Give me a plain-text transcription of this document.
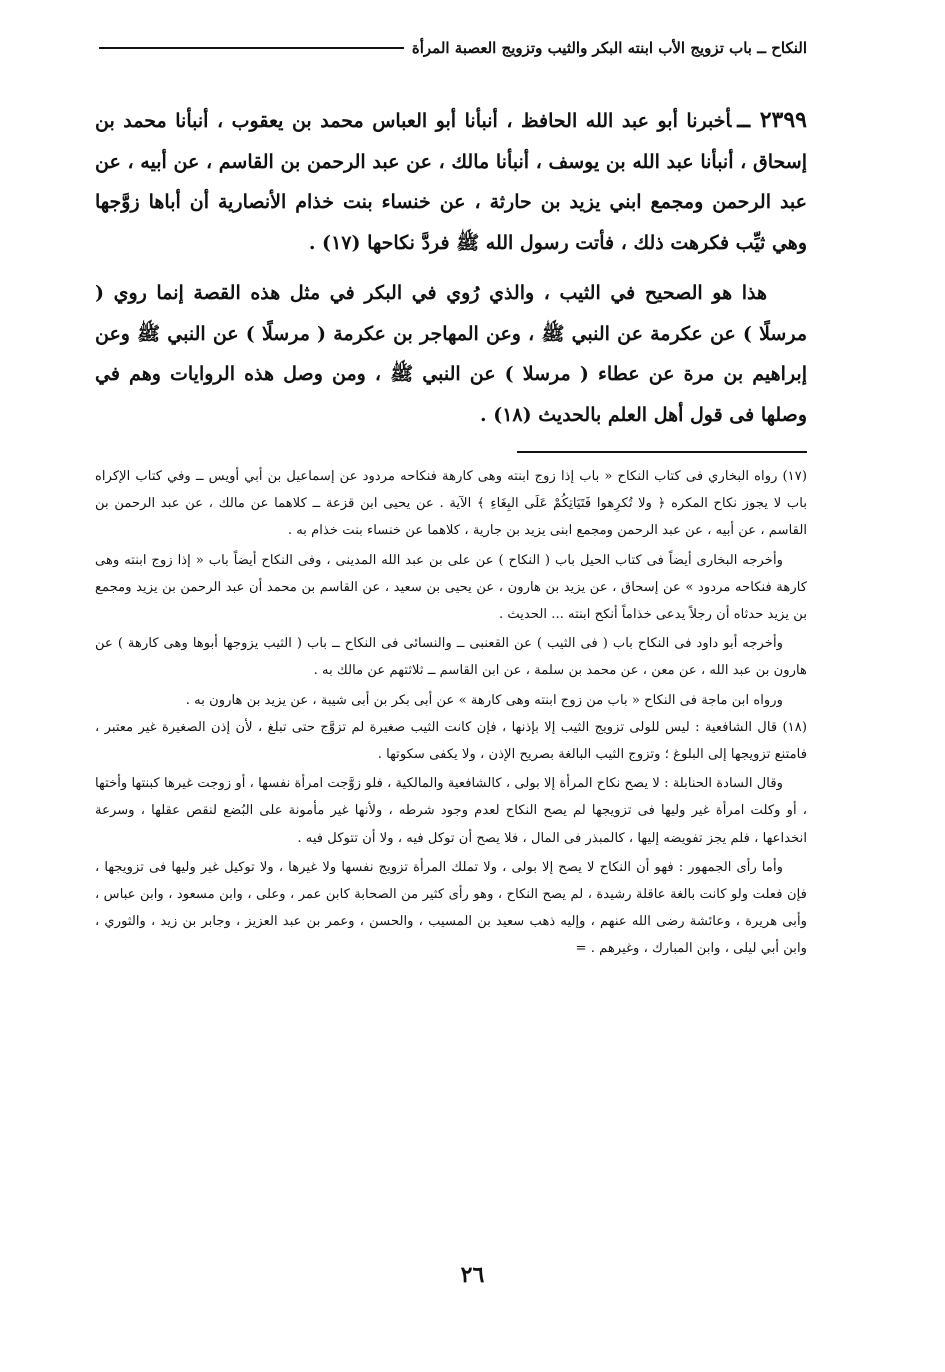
النكاح ــ باب تزويج الأب ابنته البكر والثيب وتزويج العصبة المرأة

٢٣٩٩ ــأخبرنا أبو عبد الله الحافظ ، أنبأنا أبو العباس محمد بن يعقوب ، أنبأنا محمد بن إسحاق ، أنبأنا عبد الله بن يوسف ، أنبأنا مالك ، عن عبد الرحمن بن القاسم ، عن أبيه ، عن عبد الرحمن ومجمع ابني يزيد بن حارثة ، عن خنساء بنت خذام الأنصارية أن أباها زوَّجها وهي ثيِّب فكرهت ذلك ، فأتت رسول الله ﷺ فردَّ نكاحها (١٧) .

هذا هو الصحيح في الثيب ، والذي رُوي في البكر في مثل هذه القصة إنما روي ( مرسلًا ) عن عكرمة عن النبي ﷺ ، وعن المهاجر بن عكرمة ( مرسلًا ) عن النبي ﷺ وعن إبراهيم بن مرة عن عطاء ( مرسلا ) عن النبي ﷺ ، ومن وصل هذه الروايات وهم في وصلها فى قول أهل العلم بالحديث (١٨) .

(١٧) رواه البخاري فى كتاب النكاح « باب إذا زوج ابنته وهى كارهة فنكاحه مردود عن إسماعيل بن أبي أويس ــ وفي كتاب الإكراه باب لا يجوز نكاح المكره ﴿ ولا تُكرِهوا فَتَيَاتِكُمْ عَلَى البِغَاءِ ﴾ الآية . عن يحيى ابن قزعة ــ كلاهما عن مالك ، عن عبد الرحمن بن القاسم ، عن أبيه ، عن عبد الرحمن ومجمع ابنى يزيد بن جارية ، كلاهما عن خنساء بنت خذام به .

وأخرجه البخارى أيضاً فى كتاب الحيل باب ( النكاح ) عن على بن عبد الله المدينى ، وفى النكاح أيضاً باب « إذا زوج ابنته وهى كارهة فنكاحه مردود » عن إسحاق ، عن يزيد بن هارون ، عن يحيى بن سعيد ، عن القاسم بن محمد أن عبد الرحمن بن يزيد ومجمع بن يزيد حدثاه أن رجلاً يدعى خذاماً أنكح ابنته ... الحديث .

وأخرجه أبو داود فى النكاح باب ( فى الثيب ) عن القعنبى ــ والنسائى فى النكاح ــ باب ( الثيب يزوجها أبوها وهى كارهة ) عن هارون بن عبد الله ، عن معن ، عن محمد بن سلمة ، عن ابن القاسم ــ ثلاثتهم عن مالك به .

ورواه ابن ماجة فى النكاح « باب من زوج ابنته وهى كارهة » عن أبى بكر بن أبى شيبة ، عن يزيد بن هارون به .

(١٨) قال الشافعية : ليس للولى تزويج الثيب إلا بإذنها ، فإن كانت الثيب صغيرة لم تزوَّج حتى تبلغ ، لأن إذن الصغيرة غير معتبر ، فامتنع تزويجها إلى البلوغ ؛ وتزوج الثيب البالغة بصريح الإذن ، ولا يكفى سكوتها .

وقال السادة الحنابلة : لا يصح نكاح المرأة إلا بولى ، كالشافعية والمالكية ، فلو زوَّجت امرأة نفسها ، أو زوجت غيرها كبنتها وأختها ، أو وكلت امرأة غير وليها فى تزويجها لم يصح النكاح لعدم وجود شرطه ، ولأنها غير مأمونة على البُضع لنقص عقلها ، وسرعة انخداعها ، فلم يجز تفويضه إليها ، كالمبذر فى المال ، فلا يصح أن توكل فيه ، ولا أن تتوكل فيه .

وأما رأى الجمهور : فهو أن النكاح لا يصح إلا بولى ، ولا تملك المرأة تزويج نفسها ولا غيرها ، ولا توكيل غير وليها فى تزويجها ، فإن فعلت ولو كانت بالغة عاقلة رشيدة ، لم يصح النكاح ، وهو رأى كثير من الصحابة كابن عمر ، وعلى ، وابن مسعود ، وابن عباس ، وأبى هريرة ، وعائشة رضى الله عنهم ، وإليه ذهب سعيد بن المسيب ، والحسن ، وعمر بن عبد العزيز ، وجابر بن زيد ، والثوري ، وابن أبي ليلى ، وابن المبارك ، وغيرهم . =

٢٦
